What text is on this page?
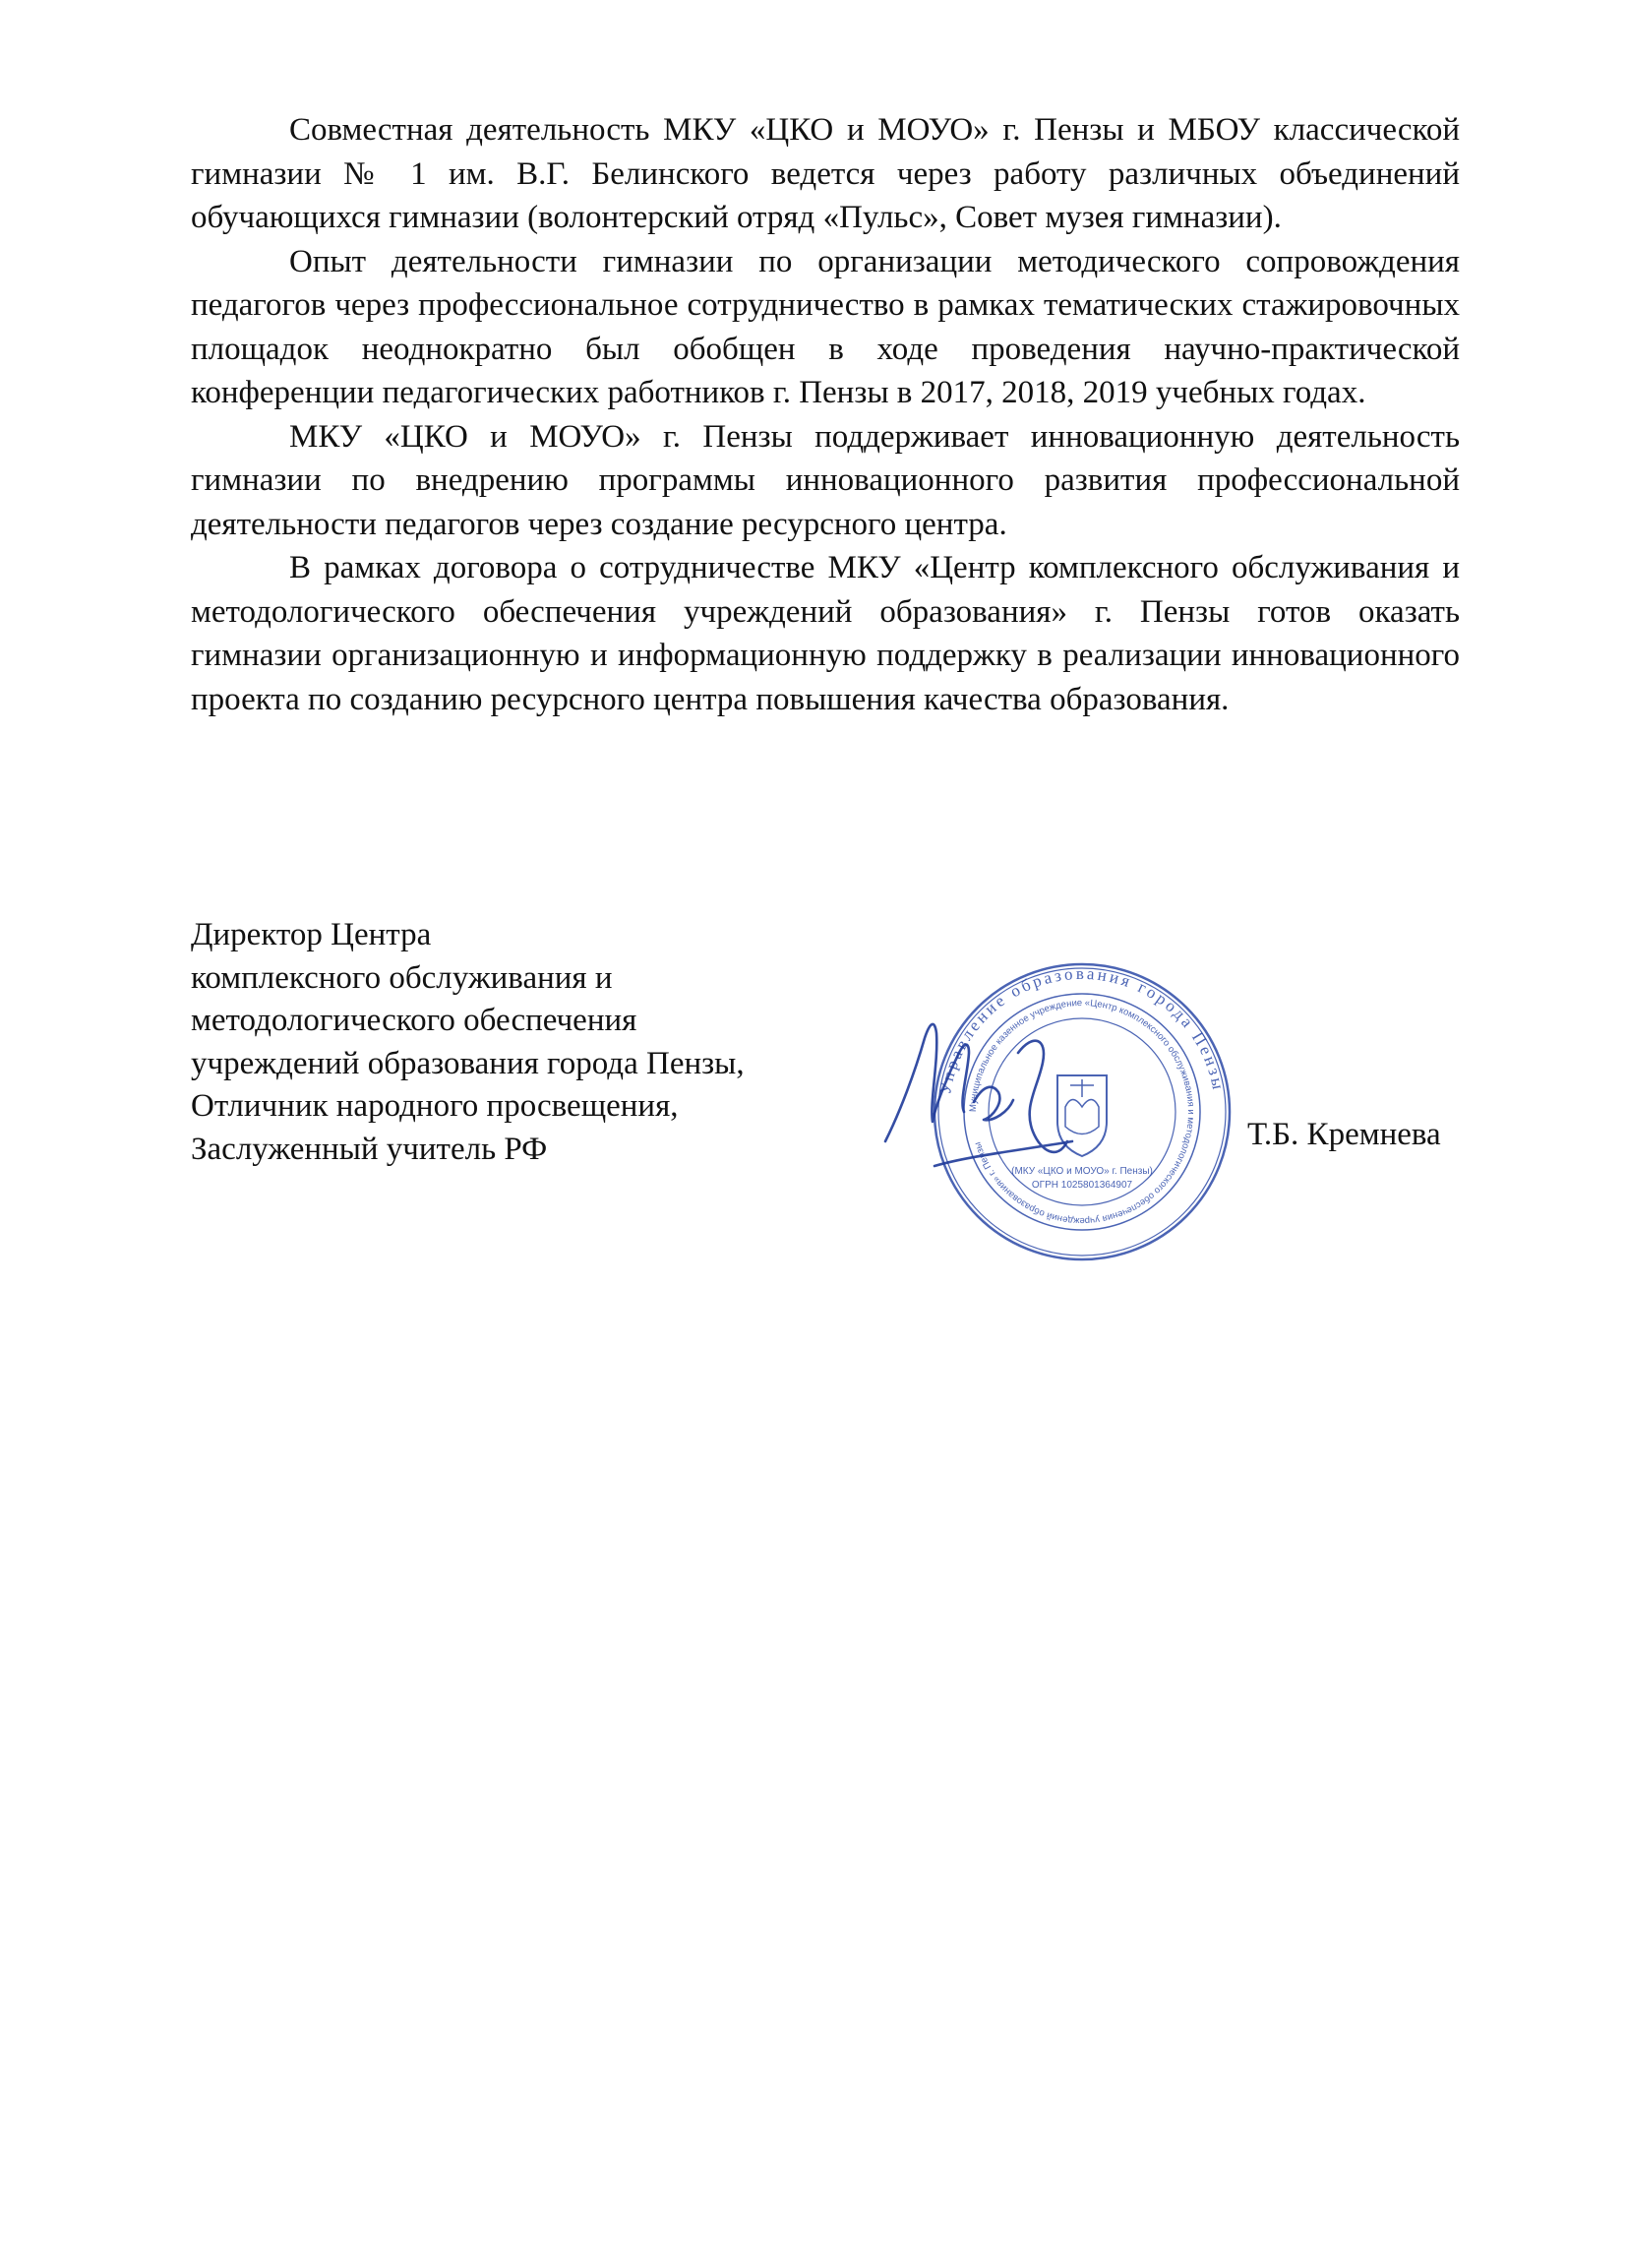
Совместная деятельность МКУ «ЦКО и МОУО» г. Пензы и МБОУ классической гимназии № 1 им. В.Г. Белинского ведется через работу различных объединений обучающихся гимназии (волонтерский отряд «Пульс», Совет музея гимназии).

Опыт деятельности гимназии по организации методического сопровождения педагогов через профессиональное сотрудничество в рамках тематических стажировочных площадок неоднократно был обобщен в ходе проведения научно-практической конференции педагогических работников г. Пензы в 2017, 2018, 2019 учебных годах.

МКУ «ЦКО и МОУО» г. Пензы поддерживает инновационную деятельность гимназии по внедрению программы инновационного развития профессиональной деятельности педагогов через создание ресурсного центра.

В рамках договора о сотрудничестве МКУ «Центр комплексного обслуживания и методологического обеспечения учреждений образования» г. Пензы готов оказать гимназии организационную и информационную поддержку в реализации инновационного проекта по созданию ресурсного центра повышения качества образования.

Директор Центра
комплексного обслуживания и
методологического обеспечения
учреждений образования города Пензы,
Отличник народного просвещения,
Заслуженный учитель РФ
Управление образования города Пензы
Муниципальное казенное учреждение «Центр комплексного обслуживания и методологического обеспечения учреждений образования» г. Пензы
(МКУ «ЦКО и МОУО» г. Пензы)
ОГРН 1025801364907
Т.Б. Кремнева
